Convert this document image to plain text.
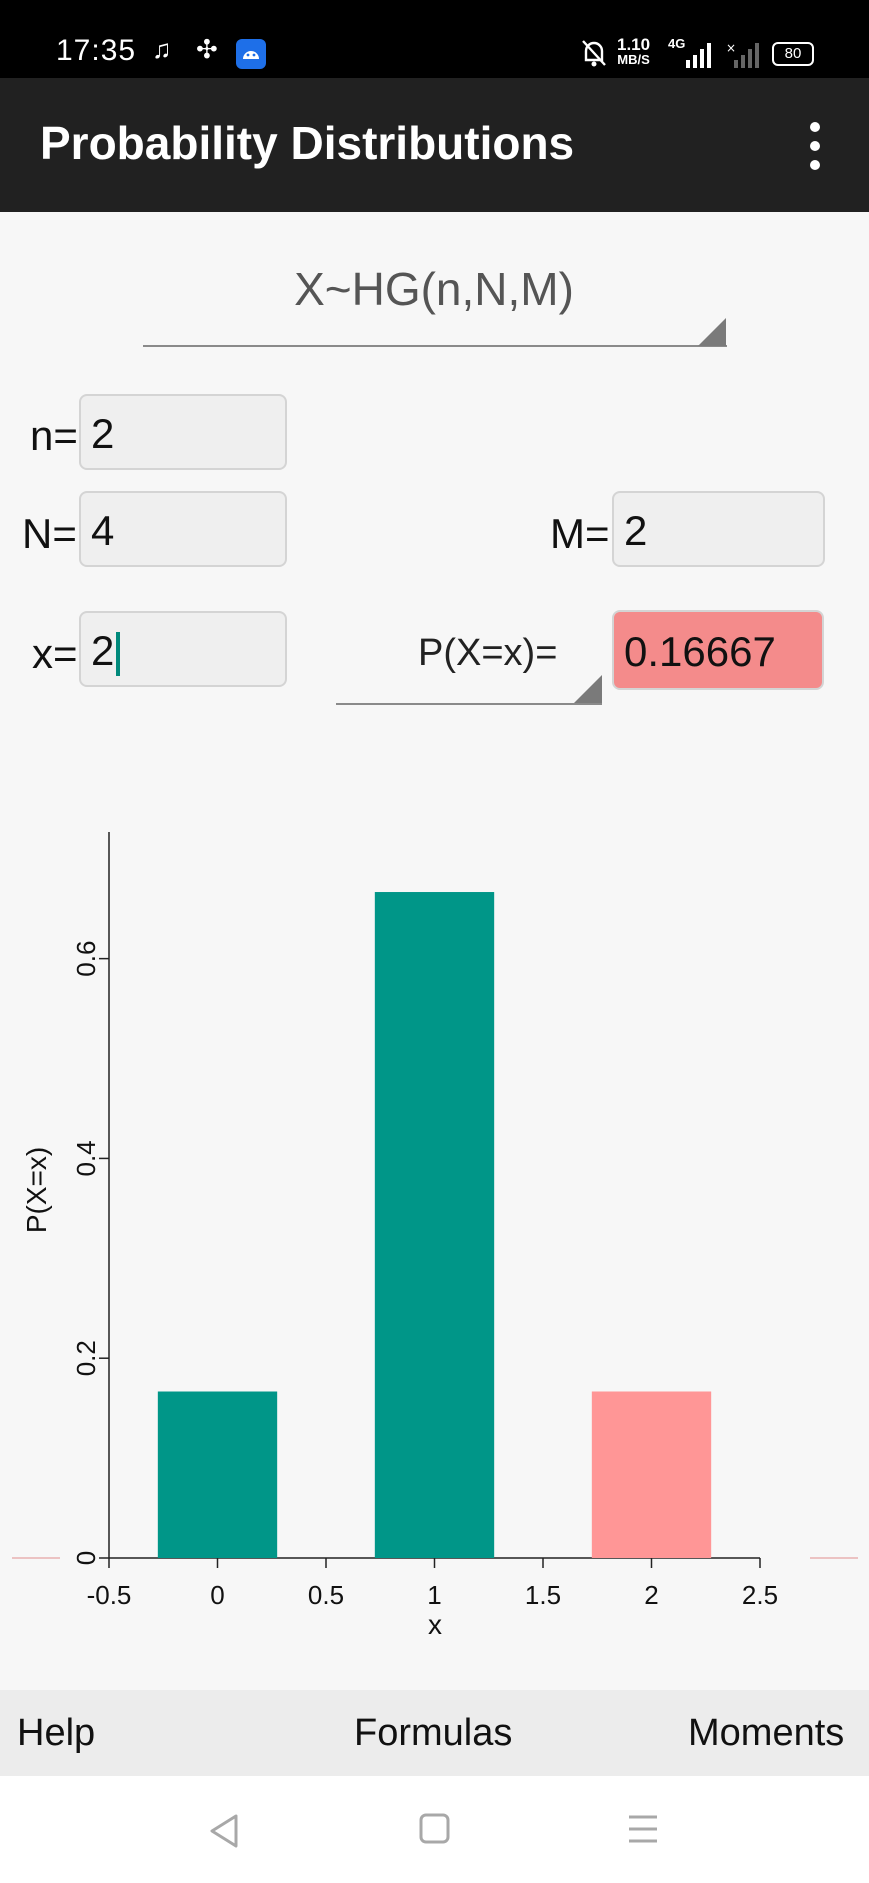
17:35 ♫ ✣	1.10
MB/S
4G	×	80
Probability Distributions
X~HG(n,N,M)
n= 2
N= 4	M= 2
x= 2	P(X=x)= 0.16667
-0.5	0	0.5	1	1.5	2	2.5
0
0.2
0.4
0.6
x
P(X=x)
Help	Formulas	Moments
